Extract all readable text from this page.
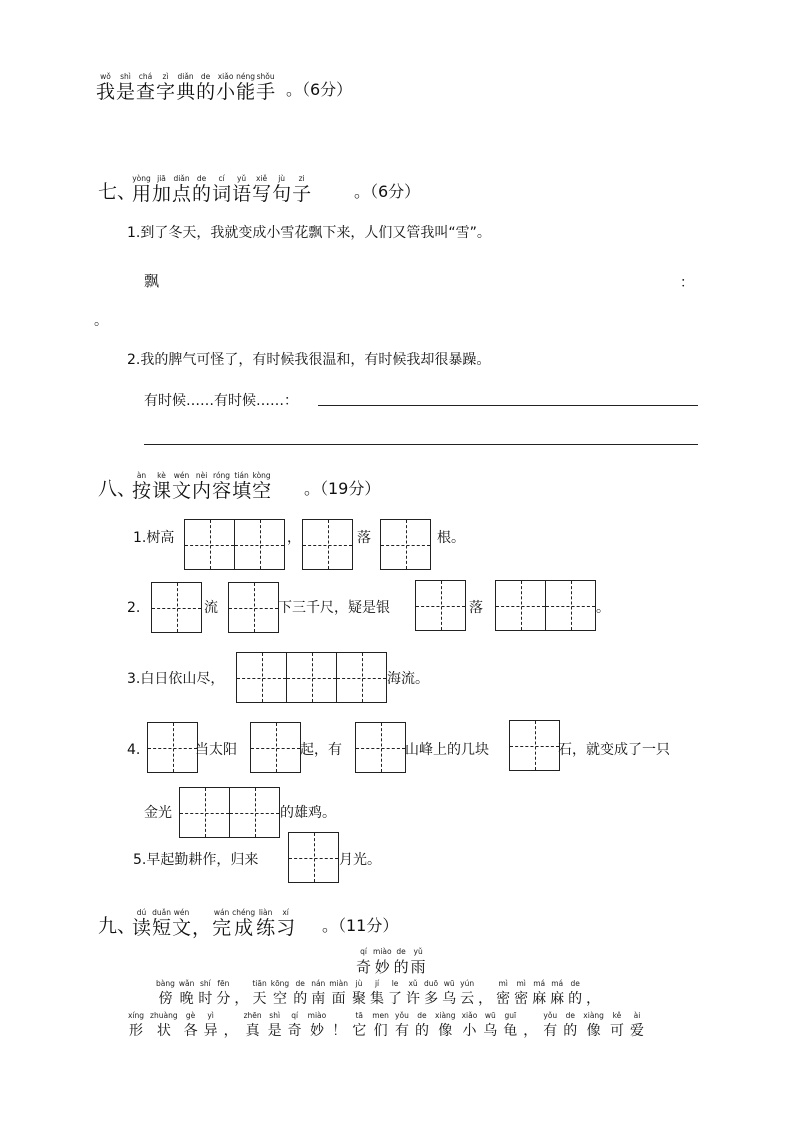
wǒ
我
shì
是
chá
查
zì
字
diǎn
典
de
的
xiǎo
小
néng
能
shǒu
手 。（6分）
七、
yòng
用
jiā
加
diǎn
点
de
的
cí
词
yǔ
语
xiě
写
jù
句
zi
子	。（6分）
1.到了冬天，我就变成小雪花飘下来，人们又管我叫“雪”。
飘	：
。
2.我的脾气可怪了，有时候我很温和，有时候我却很暴躁。
有时候……有时候……：
八、
àn
按
kè
课
wén
文
nèi
内
róng
容
tián
填
kòng
空 。（19分）
1.树高	，	落	根。
2.	流	下三千尺，疑是银	落	。
3.白日依山尽，	海流。
4.	当太阳	起，有	山峰上的几块	石，就变成了一只
金光	的雄鸡。
5.早起勤耕作，归来	月光。
九、
dú
读
duǎn
短
wén
文
，
wán
完
chéng
成
liàn
练
xí
习 。（11分）
qí
奇
miào
妙
de
的
yǔ
雨
bàng
傍
wǎn
晚
shí
时
fēn
分
，
tiān
天
kōng
空
de
的
nán
南
miàn
面
jù
聚
jí
集
le
了
xǔ
许
duō
多
wū
乌
yún
云
，
mì
密
mì
密
má
麻
má
麻
de
的
，
xíng
形
zhuàng
状
gè
各
yì
异
，
zhēn
真
shì
是
qí
奇
miào
妙
！
tā
它
men
们
yǒu
有
de
的
xiàng
像
xiǎo
小
wū
乌
guī
龟
，
yǒu
有
de
的
xiàng
像
kě
可
ài
爱
